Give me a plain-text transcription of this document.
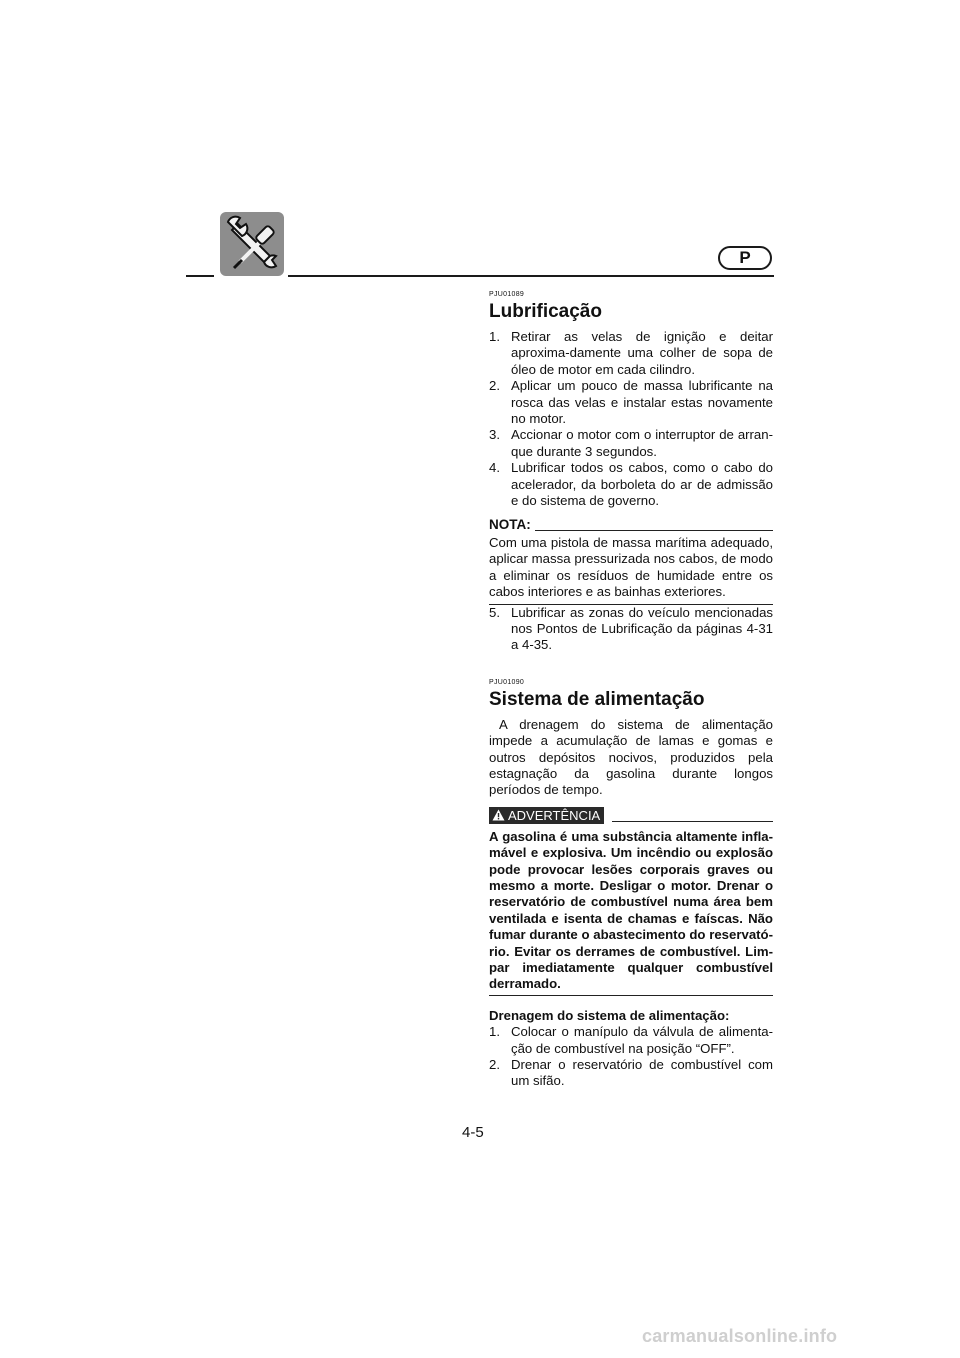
P
PJU01089
Lubrificação
1. Retirar as velas de ignição e deitar aproxima-damente uma colher de sopa de óleo de motor em cada cilindro.
2. Aplicar um pouco de massa lubrificante na rosca das velas e instalar estas novamente no motor.
3. Accionar o motor com o interruptor de arran-que durante 3 segundos.
4. Lubrificar todos os cabos, como o cabo do acelerador, da borboleta do ar de admissão e do sistema de governo.
NOTA:
Com uma pistola de massa marítima adequado, aplicar massa pressurizada nos cabos, de modo a eliminar os resíduos de humidade entre os cabos interiores e as bainhas exteriores.
5. Lubrificar as zonas do veículo mencionadas nos Pontos de Lubrificação da páginas 4-31 a 4-35.
PJU01090
Sistema de alimentação
A drenagem do sistema de alimentação impede a acumulação de lamas e gomas e outros depósitos nocivos, produzidos pela estagnação da gasolina durante longos períodos de tempo.
ADVERTÊNCIA
A gasolina é uma substância altamente infla-mável e explosiva. Um incêndio ou explosão pode provocar lesões corporais graves ou mesmo a morte. Desligar o motor. Drenar o reservatório de combustível numa área bem ventilada e isenta de chamas e faíscas. Não fumar durante o abastecimento do reservató-rio. Evitar os derrames de combustível. Lim-par imediatamente qualquer combustível derramado.
Drenagem do sistema de alimentação:
1. Colocar o manípulo da válvula de alimenta-ção de combustível na posição “OFF”.
2. Drenar o reservatório de combustível com um sifão.
4-5
carmanualsonline.info
